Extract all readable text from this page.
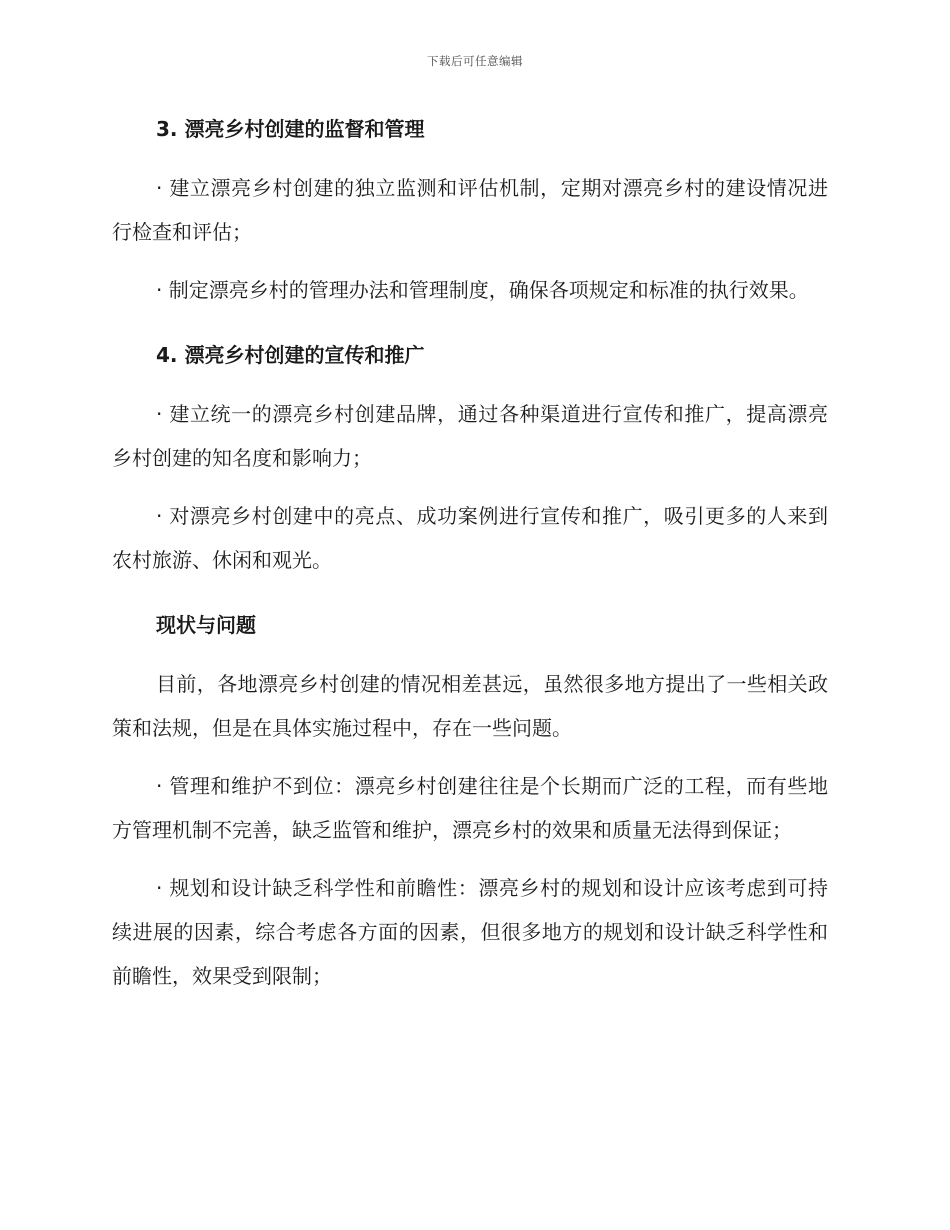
下载后可任意编辑
3. 漂亮乡村创建的监督和管理

· 建立漂亮乡村创建的独立监测和评估机制，定期对漂亮乡村的建设情况进行检查和评估；

· 制定漂亮乡村的管理办法和管理制度，确保各项规定和标准的执行效果。

4. 漂亮乡村创建的宣传和推广

· 建立统一的漂亮乡村创建品牌，通过各种渠道进行宣传和推广，提高漂亮乡村创建的知名度和影响力；

· 对漂亮乡村创建中的亮点、成功案例进行宣传和推广，吸引更多的人来到农村旅游、休闲和观光。

现状与问题

目前，各地漂亮乡村创建的情况相差甚远，虽然很多地方提出了一些相关政策和法规，但是在具体实施过程中，存在一些问题。

· 管理和维护不到位：漂亮乡村创建往往是个长期而广泛的工程，而有些地方管理机制不完善，缺乏监管和维护，漂亮乡村的效果和质量无法得到保证；

· 规划和设计缺乏科学性和前瞻性：漂亮乡村的规划和设计应该考虑到可持续进展的因素，综合考虑各方面的因素，但很多地方的规划和设计缺乏科学性和前瞻性，效果受到限制；
